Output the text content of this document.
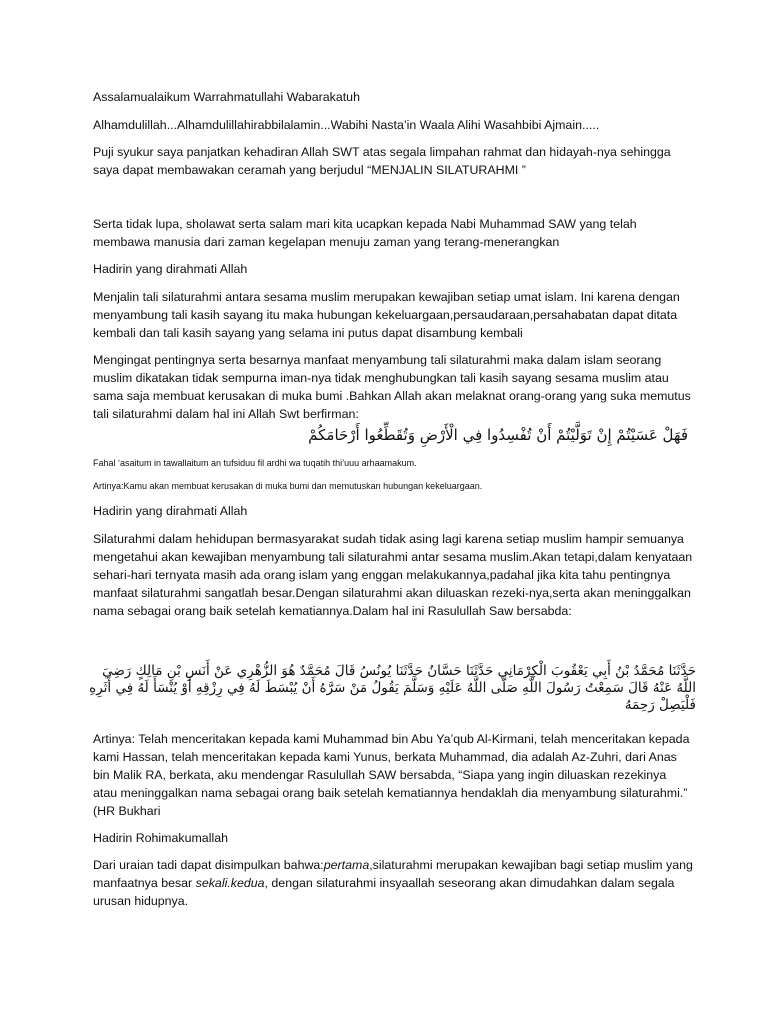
Assalamualaikum Warrahmatullahi Wabarakatuh

Alhamdulillah...Alhamdulillahirabbilalamin...Wabihi Nasta’in Waala Alihi Wasahbibi Ajmain.....

Puji syukur saya panjatkan kehadiran Allah SWT atas segala limpahan rahmat dan hidayah-nya sehingga saya dapat membawakan ceramah yang berjudul “MENJALIN SILATURAHMI ”

Serta tidak lupa, sholawat serta salam mari kita ucapkan kepada Nabi Muhammad SAW yang telah membawa manusia dari zaman kegelapan menuju zaman yang terang-menerangkan

Hadirin yang dirahmati Allah

Menjalin tali silaturahmi antara sesama muslim merupakan kewajiban setiap umat islam. Ini karena dengan menyambung tali kasih sayang itu maka hubungan kekeluargaan,persaudaraan,persahabatan dapat ditata kembali dan tali kasih sayang yang selama ini putus dapat disambung kembali

Mengingat pentingnya serta besarnya manfaat menyambung tali silaturahmi maka dalam islam seorang muslim dikatakan tidak sempurna iman-nya tidak menghubungkan tali kasih sayang sesama muslim atau sama saja membuat kerusakan di muka bumi .Bahkan Allah akan melaknat orang-orang yang suka memutus tali silaturahmi dalam hal ini Allah Swt berfirman:

فَهَلْ عَسَيْتُمْ إِنْ تَوَلَّيْتُمْ أَنْ تُفْسِدُوا فِي الْأَرْضِ وَتُقَطِّعُوا أَرْحَامَكُمْ

Fahal ‘asaitum in tawallaitum an tufsiduu fil ardhi wa tuqatih thi’uuu arhaamakum.

Artinya:Kamu akan membuat kerusakan di muka bumi dan memutuskan hubungan kekeluargaan.

Hadirin yang dirahmati Allah

Silaturahmi dalam hehidupan bermasyarakat sudah tidak asing lagi karena setiap muslim hampir semuanya mengetahui akan kewajiban menyambung tali silaturahmi antar sesama muslim.Akan tetapi,dalam kenyataan sehari-hari ternyata masih ada orang islam yang enggan melakukannya,padahal jika kita tahu pentingnya manfaat silaturahmi sangatlah besar.Dengan silaturahmi akan diluaskan rezeki-nya,serta akan meninggalkan nama sebagai orang baik setelah kematiannya.Dalam hal ini Rasulullah Saw bersabda:

حَدَّثَنَا مُحَمَّدُ بْنُ أَبِي يَعْقُوبَ الْكِرْمَانِي حَدَّثَنَا حَسَّانُ حَدَّثَنَا يُونُسُ قَالَ مُحَمَّدٌ هُوَ الزُّهْرِي عَنْ أَنَسِ بْنِ مَالِكٍ رَضِيَ اللَّهُ عَنْهُ قَالَ سَمِعْتُ رَسُولَ اللَّهِ صَلَّى اللَّهُ عَلَيْهِ وَسَلَّمَ يَقُولُ مَنْ سَرَّهُ أَنْ يُبْسَطَ لَهُ فِي رِزْقِهِ أَوْ يُنْسَأَ لَهُ فِي أَثَرِهِ فَلْيَصِلْ رَحِمَهُ

Artinya: Telah menceritakan kepada kami Muhammad bin Abu Ya’qub Al-Kirmani, telah menceritakan kepada kami Hassan, telah menceritakan kepada kami Yunus, berkata Muhammad, dia adalah Az-Zuhri, dari Anas bin Malik RA, berkata, aku mendengar Rasulullah SAW bersabda, “Siapa yang ingin diluaskan rezekinya atau meninggalkan nama sebagai orang baik setelah kematiannya hendaklah dia menyambung silaturahmi.” (HR Bukhari

Hadirin Rohimakumallah

Dari uraian tadi dapat disimpulkan bahwa:pertama,silaturahmi merupakan kewajiban bagi setiap muslim yang manfaatnya besar sekali.kedua, dengan silaturahmi insyaallah seseorang akan dimudahkan dalam segala urusan hidupnya.
